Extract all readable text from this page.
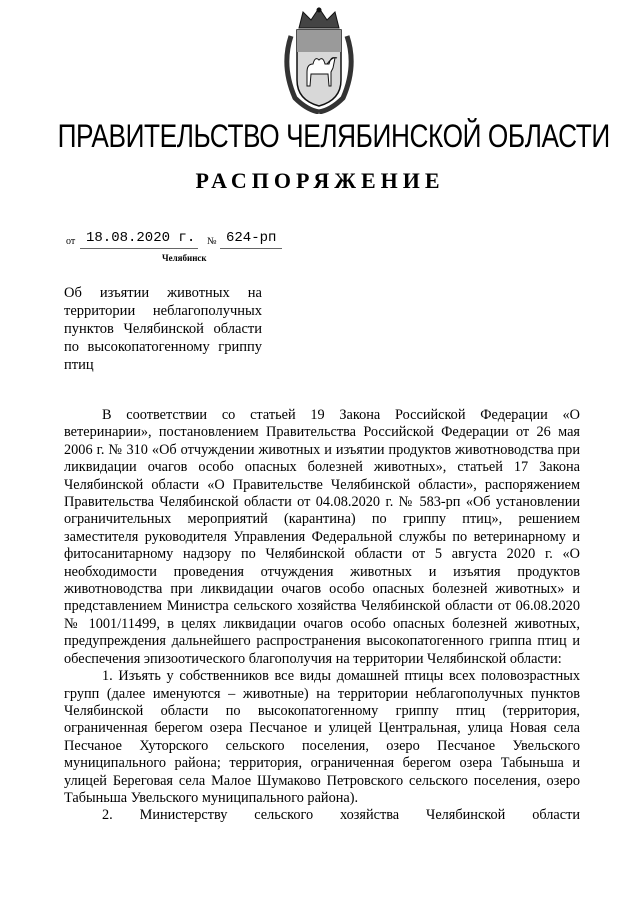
ПРАВИТЕЛЬСТВО ЧЕЛЯБИНСКОЙ ОБЛАСТИ
РАСПОРЯЖЕНИЕ
от 18.08.2020 г. № 624-рп
Челябинск
Об изъятии животных на территории неблагополучных пунктов Челябинской области по высокопатогенному гриппу птиц

В соответствии со статьей 19 Закона Российской Федерации «О ветеринарии», постановлением Правительства Российской Федерации от 26 мая 2006 г. № 310 «Об отчуждении животных и изъятии продуктов животноводства при ликвидации очагов особо опасных болезней животных», статьей 17 Закона Челябинской области «О Правительстве Челябинской области», распоряжением Правительства Челябинской области от 04.08.2020 г. № 583-рп «Об установлении ограничительных мероприятий (карантина) по гриппу птиц», решением заместителя руководителя Управления Федеральной службы по ветеринарному и фитосанитарному надзору по Челябинской области от 5 августа 2020 г. «О необходимости проведения отчуждения животных и изъятия продуктов животноводства при ликвидации очагов особо опасных болезней животных» и представлением Министра сельского хозяйства Челябинской области от 06.08.2020 № 1001/11499, в целях ликвидации очагов особо опасных болезней животных, предупреждения дальнейшего распространения высокопатогенного гриппа птиц и обеспечения эпизоотического благополучия на территории Челябинской области:

1. Изъять у собственников все виды домашней птицы всех половозрастных групп (далее именуются – животные) на территории неблагополучных пунктов Челябинской области по высокопатогенному гриппу птиц (территория, ограниченная берегом озера Песчаное и улицей Центральная, улица Новая села Песчаное Хуторского сельского поселения, озеро Песчаное Увельского муниципального района; территория, ограниченная берегом озера Табыньша и улицей Береговая села Малое Шумаково Петровского сельского поселения, озеро Табыньша Увельского муниципального района).

2. Министерству сельского хозяйства Челябинской области
